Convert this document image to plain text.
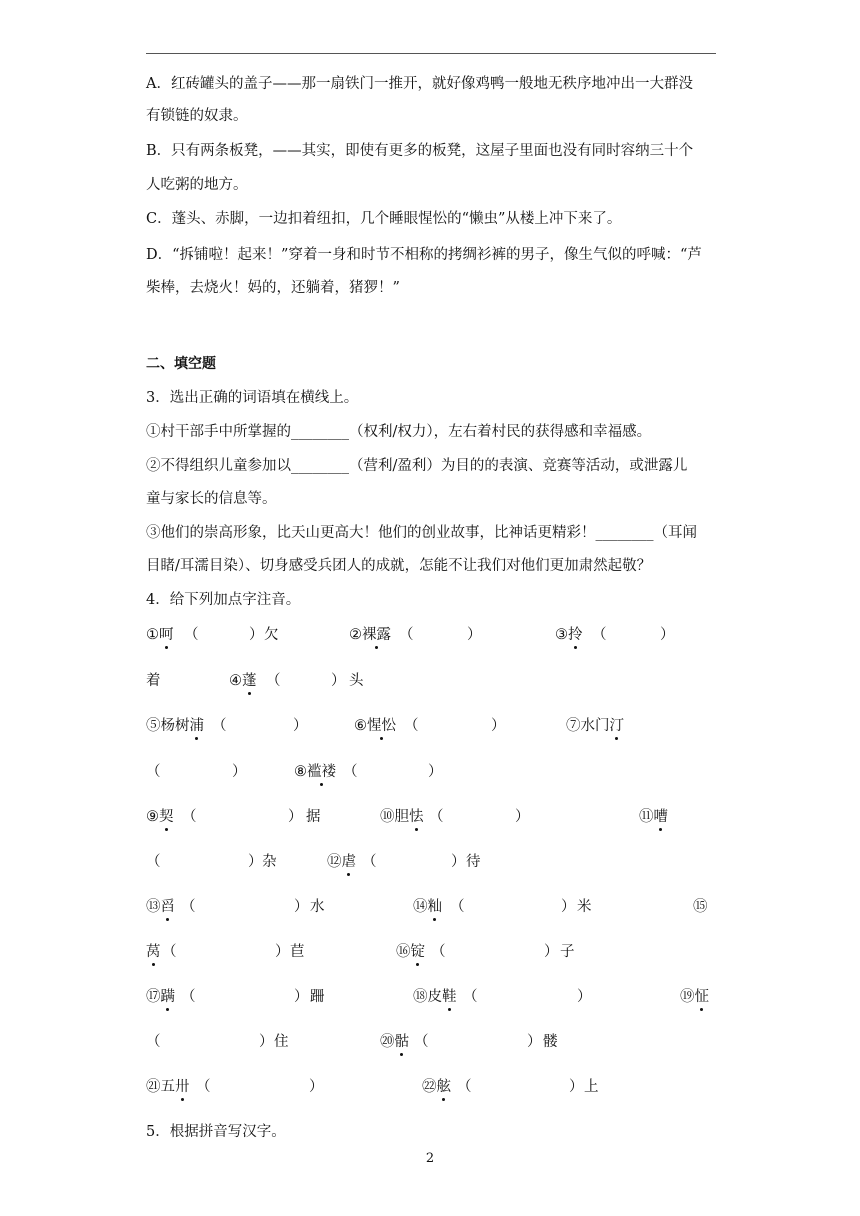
A．红砖罐头的盖子——那一扇铁门一推开，就好像鸡鸭一般地无秩序地冲出一大群没
有锁链的奴隶。
B．只有两条板凳，——其实，即使有更多的板凳，这屋子里面也没有同时容纳三十个
人吃粥的地方。
C．蓬头、赤脚，一边扣着纽扣，几个睡眼惺忪的“懒虫”从楼上冲下来了。
D．“拆铺啦！起来！”穿着一身和时节不相称的拷绸衫裤的男子，像生气似的呼喊：“芦
柴棒，去烧火！妈的，还躺着，猪猡！”
二、填空题
3．选出正确的词语填在横线上。
①村干部手中所掌握的________（权利/权力），左右着村民的获得感和幸福感。
②不得组织儿童参加以________（营利/盈利）为目的的表演、竞赛等活动，或泄露儿
童与家长的信息等。
③他们的崇高形象，比天山更高大！他们的创业故事，比神话更精彩！________（耳闻
目睹/耳濡目染）、切身感受兵团人的成就，怎能不让我们对他们更加肃然起敬？
4．给下列加点字注音。
①呵 （	） 欠	②裸露 （	）	③拎 （	）
着	④蓬 （	） 头
⑤杨树浦 （	）	⑥惺忪 （	）	⑦水门汀
（	）	⑧褴褛 （	）
⑨契 （	） 据	⑩胆怯 （	）	⑪嘈
（	） 杂	⑫虐 （	） 待
⑬舀 （	） 水	⑭籼 （	） 米	⑮
莴 （	） 苣	⑯锭 （	） 子
⑰蹒 （	） 跚	⑱皮鞋 （	）	⑲怔
（	） 住	⑳骷 （	） 髅
㉑五卅 （	）	㉒舷 （	） 上
5．根据拼音写汉字。
2
